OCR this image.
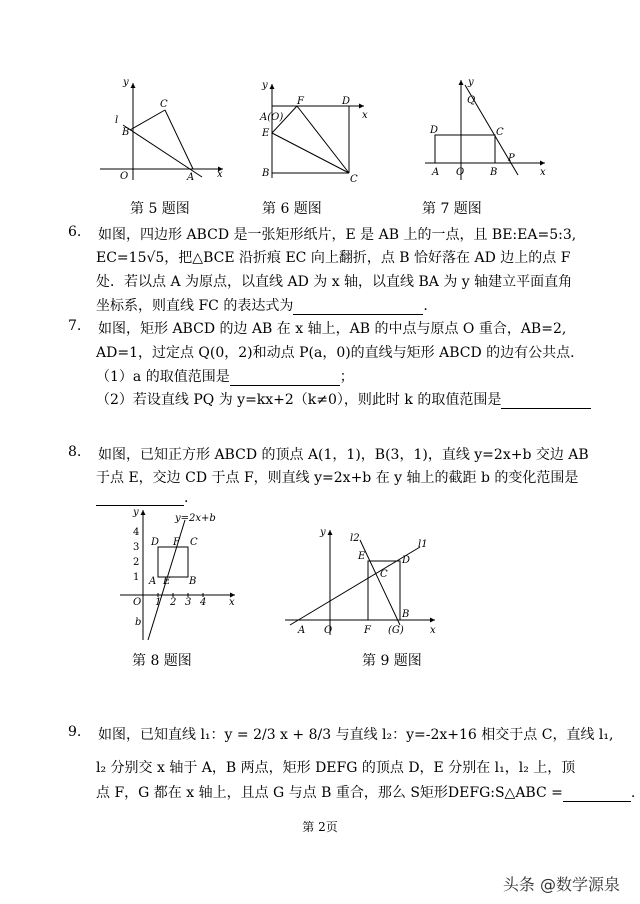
y
l
C
B
O	A x
第 5 题图
y
A(O)
F	D
x
E
B
C
第 6 题图
y
Q
D	C
A O	B
P
x
第 7 题图
6. 如图，四边形 ABCD 是一张矩形纸片，E 是 AB 上的一点，且 BE:EA=5:3,
EC=15√5，把△BCE 沿折痕 EC 向上翻折，点 B 恰好落在 AD 边上的点 F
处．若以点 A 为原点，以直线 AD 为 x 轴，以直线 BA 为 y 轴建立平面直角
坐标系，则直线 FC 的表达式为	.
7. 如图，矩形 ABCD 的边 AB 在 x 轴上，AB 的中点与原点 O 重合，AB=2,
AD=1，过定点 Q(0，2)和动点 P(a，0)的直线与矩形 ABCD 的边有公共点．
（1）a 的取值范围是	；
（2）若设直线 PQ 为 y=kx+2（k≠0），则此时 k 的取值范围是
8. 如图，已知正方形 ABCD 的顶点 A(1，1)，B(3，1)，直线 y=2x+b 交边 AB
于点 E，交边 CD 于点 F，则直线 y=2x+b 在 y 轴上的截距 b 的变化范围是
.
y
y=2x+b
D F C
A E B
O	x
b
1 2 3 4
3
2
1
4
第 8 题图
y
l2
l1
E	D
C
A O	F (G)
B
x
第 9 题图
9. 如图，已知直线 l₁：y = 2/3 x + 8/3 与直线 l₂：y=-2x+16 相交于点 C，直线 l₁,
l₂ 分别交 x 轴于 A，B 两点，矩形 DEFG 的顶点 D，E 分别在 l₁，l₂ 上，顶
点 F，G 都在 x 轴上，且点 G 与点 B 重合，那么 S矩形DEFG:S△ABC =	.
第 2页
头条 @数学源泉
